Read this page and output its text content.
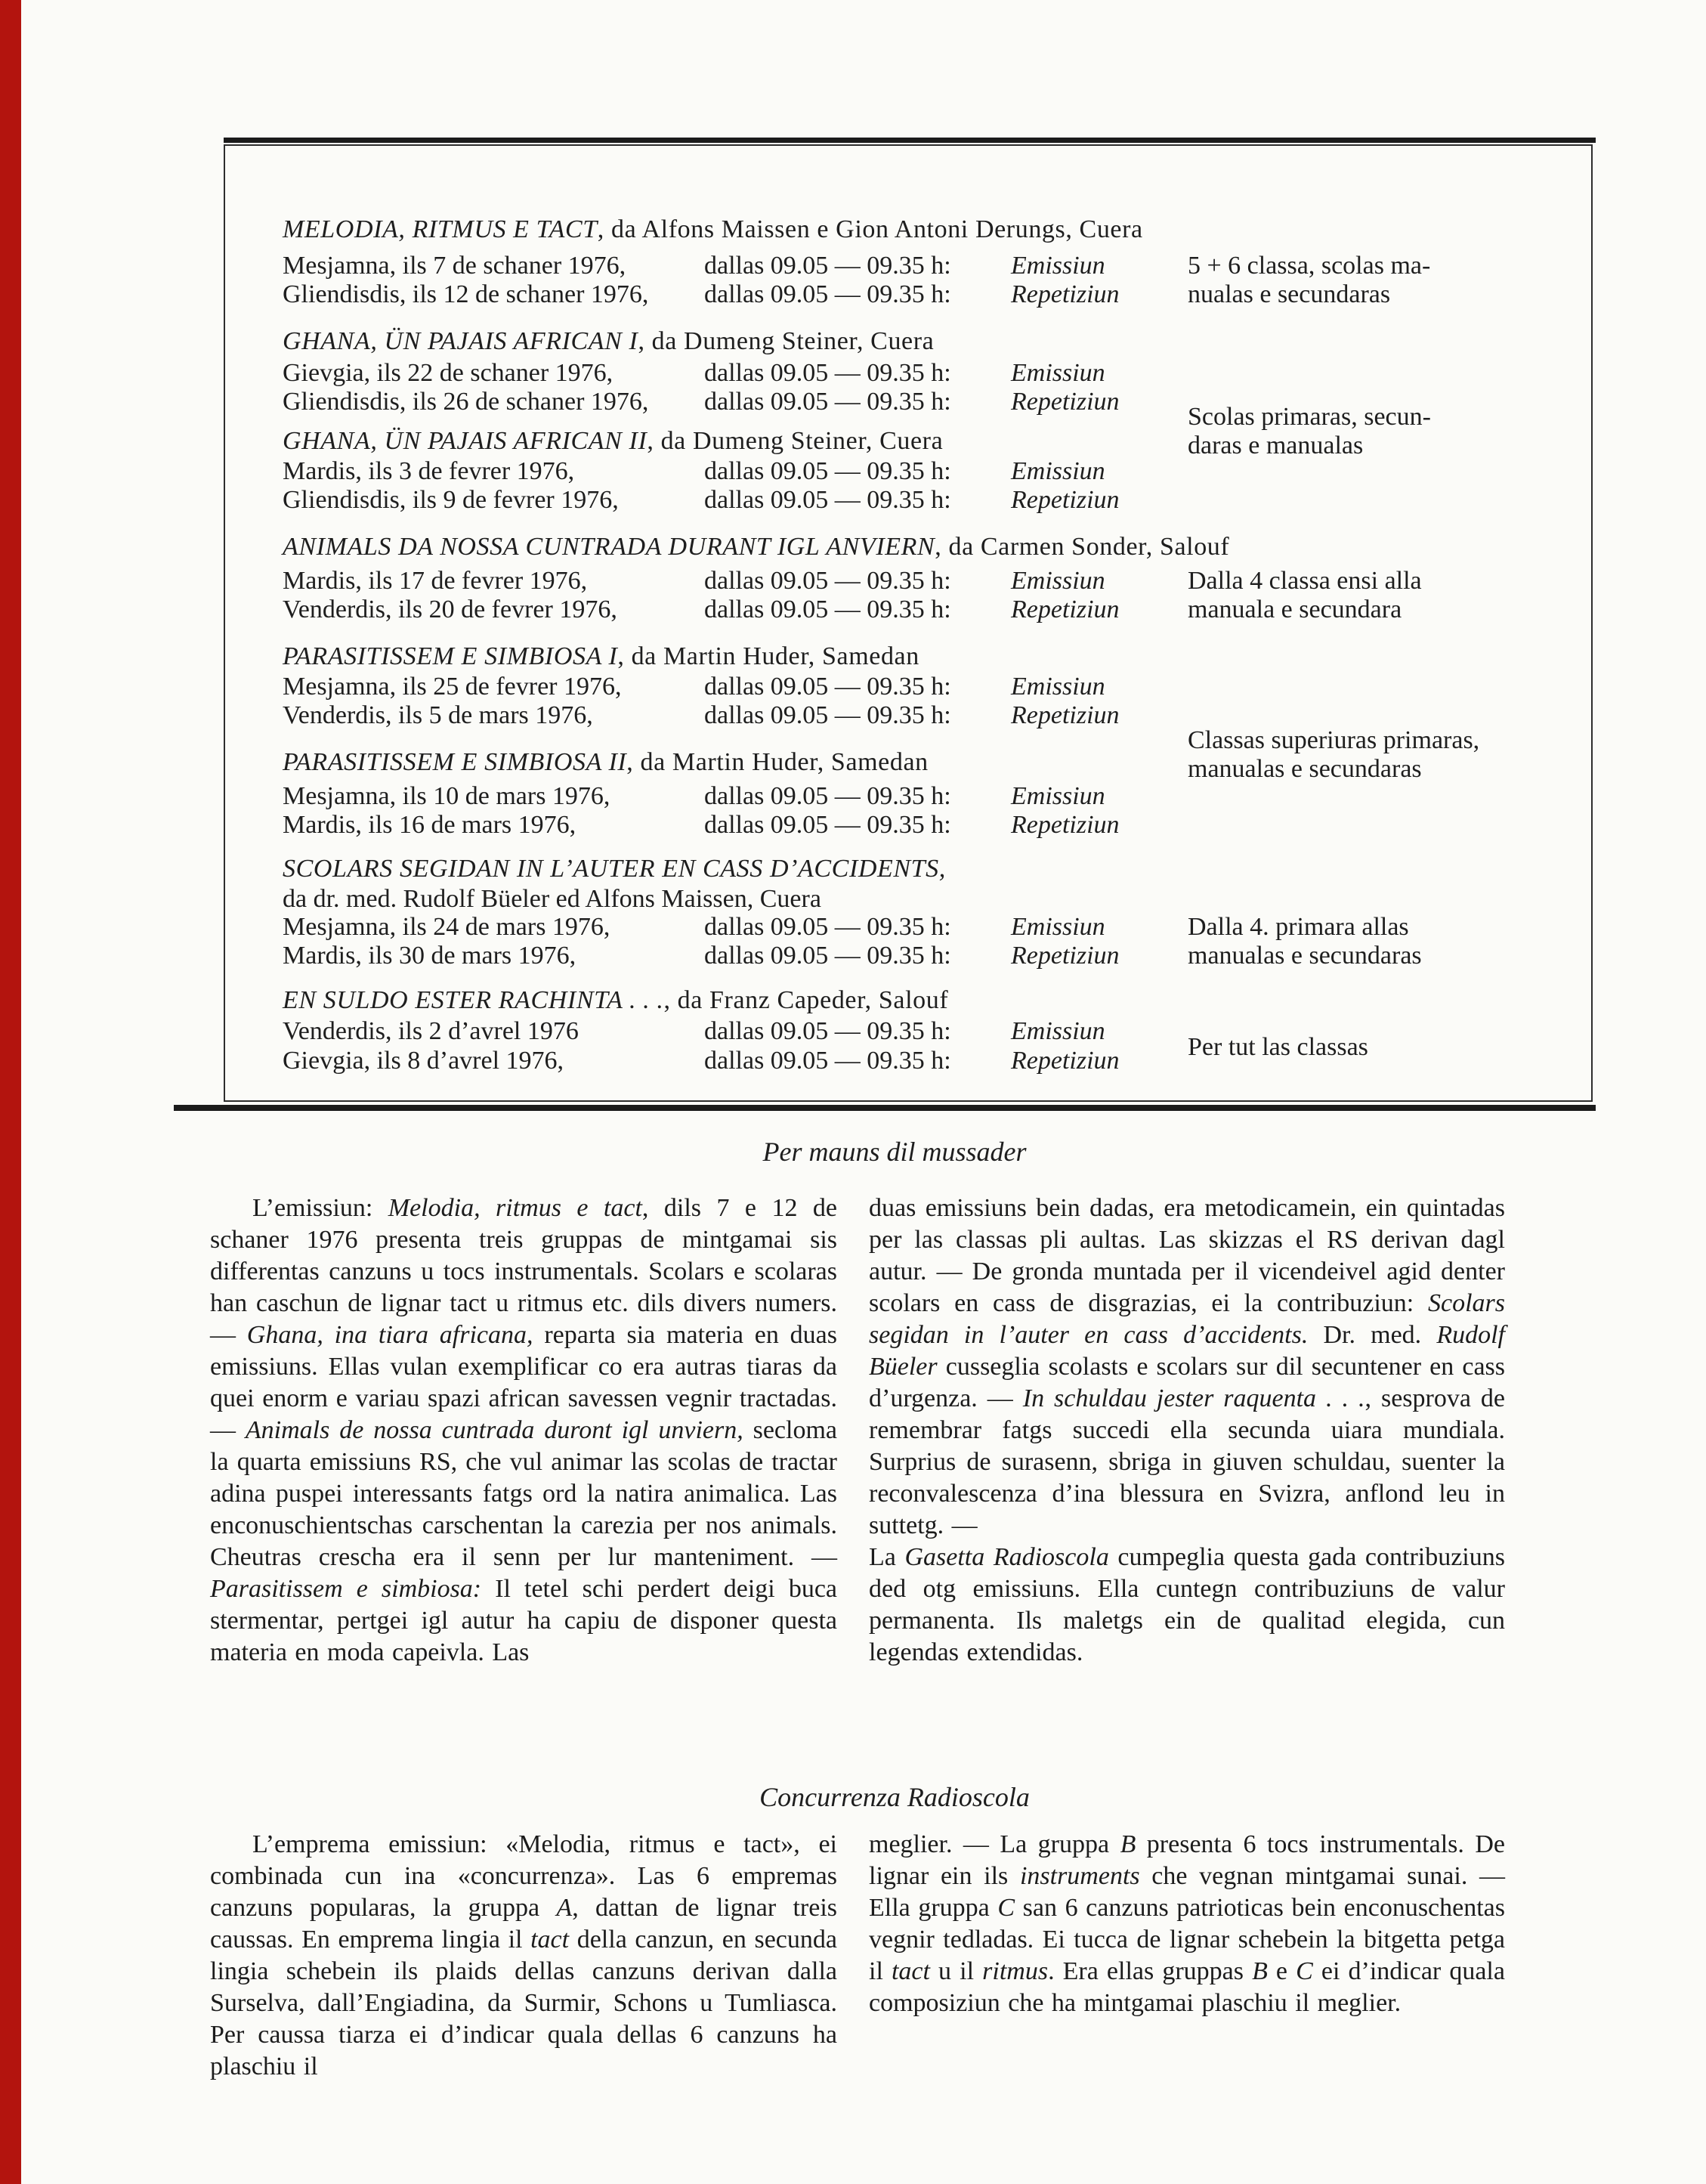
MELODIA, RITMUS E TACT, da Alfons Maissen e Gion Antoni Derungs, Cuera
Mesjamna, ils 7 de schaner 1976,	dallas 09.05 — 09.35 h: Emissiun	5 + 6 classa, scolas ma-
Gliendisdis, ils 12 de schaner 1976, dallas 09.05 — 09.35 h: Repetiziun	nualas e secundaras
GHANA, ÜN PAJAIS AFRICAN I, da Dumeng Steiner, Cuera
Gievgia, ils 22 de schaner 1976,	dallas 09.05 — 09.35 h: Emissiun
Gliendisdis, ils 26 de schaner 1976, dallas 09.05 — 09.35 h: Repetiziun
Scolas primaras, secun-
daras e manualas
GHANA, ÜN PAJAIS AFRICAN II, da Dumeng Steiner, Cuera
Mardis, ils 3 de fevrer 1976,	dallas 09.05 — 09.35 h: Emissiun
Gliendisdis, ils 9 de fevrer 1976,	dallas 09.05 — 09.35 h: Repetiziun
ANIMALS DA NOSSA CUNTRADA DURANT IGL ANVIERN, da Carmen Sonder, Salouf
Mardis, ils 17 de fevrer 1976,	dallas 09.05 — 09.35 h: Emissiun	Dalla 4 classa ensi alla
Venderdis, ils 20 de fevrer 1976,	dallas 09.05 — 09.35 h: Repetiziun	manuala e secundara
PARASITISSEM E SIMBIOSA I, da Martin Huder, Samedan
Mesjamna, ils 25 de fevrer 1976,	dallas 09.05 — 09.35 h: Emissiun
Venderdis, ils 5 de mars 1976,	dallas 09.05 — 09.35 h: Repetiziun
Classas superiuras primaras,
manualas e secundaras
PARASITISSEM E SIMBIOSA II, da Martin Huder, Samedan
Mesjamna, ils 10 de mars 1976,	dallas 09.05 — 09.35 h: Emissiun
Mardis, ils 16 de mars 1976,	dallas 09.05 — 09.35 h: Repetiziun
SCOLARS SEGIDAN IN L’AUTER EN CASS D’ACCIDENTS,
da dr. med. Rudolf Büeler ed Alfons Maissen, Cuera
Mesjamna, ils 24 de mars 1976,	dallas 09.05 — 09.35 h: Emissiun	Dalla 4. primara allas
Mardis, ils 30 de mars 1976,	dallas 09.05 — 09.35 h: Repetiziun	manualas e secundaras
EN SULDO ESTER RACHINTA . . ., da Franz Capeder, Salouf
Venderdis, ils 2 d’avrel 1976	dallas 09.05 — 09.35 h: Emissiun
Gievgia, ils 8 d’avrel 1976,	dallas 09.05 — 09.35 h: Repetiziun	Per tut las classas
Per mauns dil mussader

L’emissiun: Melodia, ritmus e tact, dils 7 e 12 de schaner 1976 presenta treis gruppas de mintgamai sis differentas canzuns u tocs instrumentals. Scolars e scolaras han caschun de lignar tact u ritmus etc. dils divers numers. — Ghana, ina tiara africana, reparta sia materia en duas emissiuns. Ellas vulan exemplificar co era autras tiaras da quei enorm e variau spazi african savessen vegnir tractadas. — Animals de nossa cuntrada duront igl unviern, secloma la quarta emissiuns RS, che vul animar las scolas de tractar adina puspei interessants fatgs ord la natira animalica. Las enconuschientschas carschentan la carezia per nos animals. Cheutras crescha era il senn per lur manteniment. — Parasitissem e simbiosa: Il tetel schi perdert deigi buca stermentar, pertgei igl autur ha capiu de disponer questa materia en moda capeivla. Las

duas emissiuns bein dadas, era metodicamein, ein quintadas per las classas pli aultas. Las skizzas el RS derivan dagl autur. — De gronda muntada per il vicendeivel agid denter scolars en cass de disgrazias, ei la contribuziun: Scolars segidan in l’auter en cass d’accidents. Dr. med. Rudolf Büeler cusseglia scolasts e scolars sur dil secuntener en cass d’urgenza. — In schuldau jester raquenta . . ., sesprova de remembrar fatgs succedi ella secunda uiara mundiala. Surprius de surasenn, sbriga in giuven schuldau, suenter la reconvalescenza d’ina blessura en Svizra, anflond leu in suttetg. —

La Gasetta Radioscola cumpeglia questa gada contribuziuns ded otg emissiuns. Ella cuntegn contribuziuns de valur permanenta. Ils maletgs ein de qualitad elegida, cun legendas extendidas.

Concurrenza Radioscola

L’emprema emissiun: «Melodia, ritmus e tact», ei combinada cun ina «concurrenza». Las 6 empremas canzuns popularas, la gruppa A, dattan de lignar treis caussas. En emprema lingia il tact della canzun, en secunda lingia schebein ils plaids dellas canzuns derivan dalla Surselva, dall’Engiadina, da Surmir, Schons u Tumliasca. Per caussa tiarza ei d’indicar quala dellas 6 canzuns ha plaschiu il

meglier. — La gruppa B presenta 6 tocs instrumentals. De lignar ein ils instruments che vegnan mintgamai sunai. — Ella gruppa C san 6 canzuns patrioticas bein enconuschentas vegnir tedladas. Ei tucca de lignar schebein la bitgetta petga il tact u il ritmus. Era ellas gruppas B e C ei d’indicar quala composiziun che ha mintgamai plaschiu il meglier.
